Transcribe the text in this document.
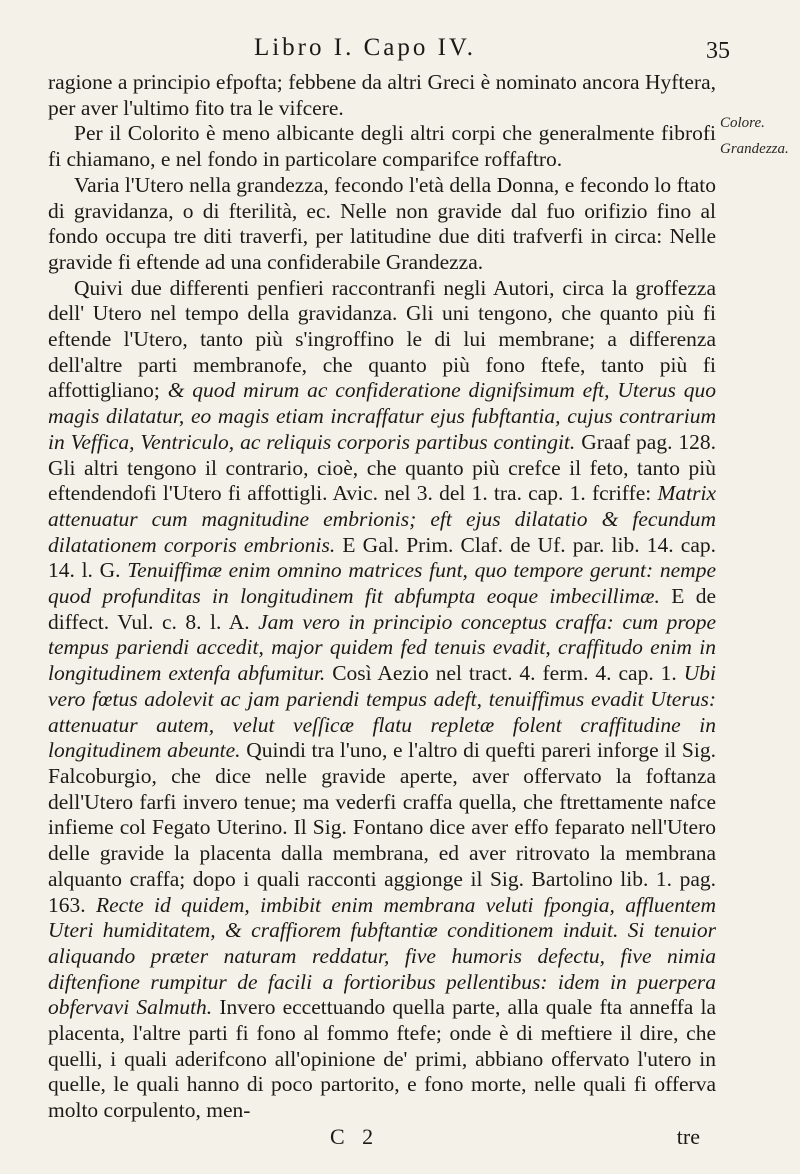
Libro I. Capo IV.	35
Colore.
Grandezza.

ragione a principio efpofta; febbene da altri Greci è nominato ancora Hyftera, per aver l'ultimo fito tra le vifcere.

Per il Colorito è meno albicante degli altri corpi che generalmente fibrofi fi chiamano, e nel fondo in particolare comparifce roffaftro.

Varia l'Utero nella grandezza, fecondo l'età della Donna, e fecondo lo ftato di gravidanza, o di fterilità, ec. Nelle non gravide dal fuo orifizio fino al fondo occupa tre diti traverfi, per latitudine due diti trafverfi in circa: Nelle gravide fi eftende ad una confiderabile Grandezza.

Quivi due differenti penfieri raccontranfi negli Autori, circa la groffezza dell' Utero nel tempo della gravidanza. Gli uni tengono, che quanto più fi eftende l'Utero, tanto più s'ingroffino le di lui membrane; a differenza dell'altre parti membranofe, che quanto più fono ftefe, tanto più fi affottigliano; & quod mirum ac confideratione dignifsimum eft, Uterus quo magis dilatatur, eo magis etiam incraffatur ejus fubftantia, cujus contrarium in Veffica, Ventriculo, ac reliquis corporis partibus contingit. Graaf pag. 128. Gli altri tengono il contrario, cioè, che quanto più crefce il feto, tanto più eftendendofi l'Utero fi affottigli. Avic. nel 3. del 1. tra. cap. 1. fcriffe: Matrix attenuatur cum magnitudine embrionis; eft ejus dilatatio & fecundum dilatationem corporis embrionis. E Gal. Prim. Claf. de Uf. par. lib. 14. cap. 14. l. G. Tenuiffimæ enim omnino matrices funt, quo tempore gerunt: nempe quod profunditas in longitudinem fit abfumpta eoque imbecillimæ. E de diffect. Vul. c. 8. l. A. Jam vero in principio conceptus craffa: cum prope tempus pariendi accedit, major quidem fed tenuis evadit, craffitudo enim in longitudinem extenfa abfumitur. Così Aezio nel tract. 4. ferm. 4. cap. 1. Ubi vero fœtus adolevit ac jam pariendi tempus adeft, tenuiffimus evadit Uterus: attenuatur autem, velut veſſicæ flatu repletæ folent craffitudine in longitudinem abeunte. Quindi tra l'uno, e l'altro di quefti pareri inforge il Sig. Falcoburgio, che dice nelle gravide aperte, aver offervato la foftanza dell'Utero farfi invero tenue; ma vederfi craffa quella, che ftrettamente nafce infieme col Fegato Uterino. Il Sig. Fontano dice aver effo feparato nell'Utero delle gravide la placenta dalla membrana, ed aver ritrovato la membrana alquanto craffa; dopo i quali racconti aggionge il Sig. Bartolino lib. 1. pag. 163. Recte id quidem, imbibit enim membrana veluti fpongia, affluentem Uteri humiditatem, & craffiorem fubftantiæ conditionem induit. Si tenuior aliquando præter naturam reddatur, five humoris defectu, five nimia diftenfione rumpitur de facili a fortioribus pellentibus: idem in puerpera obfervavi Salmuth. Invero eccettuando quella parte, alla quale fta anneffa la placenta, l'altre parti fi fono al fommo ftefe; onde è di meftiere il dire, che quelli, i quali aderifcono all'opinione de' primi, abbiano offervato l'utero in quelle, le quali hanno di poco partorito, e fono morte, nelle quali fi offerva molto corpulento, men-

C 2	tre
